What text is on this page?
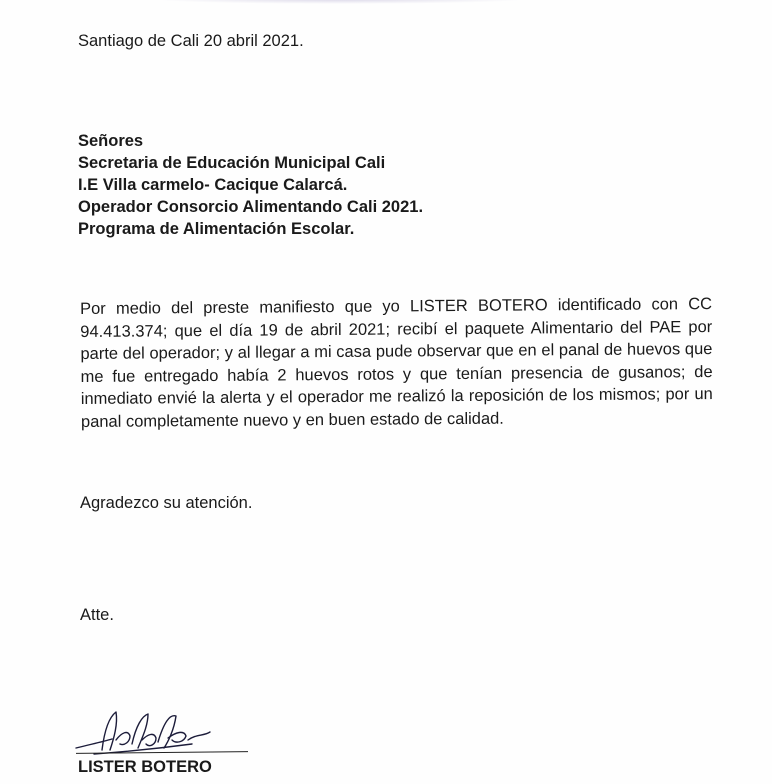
Santiago de Cali 20 abril 2021.
Señores
Secretaria de Educación Municipal Cali
I.E Villa carmelo- Cacique Calarcá.
Operador Consorcio Alimentando Cali 2021.
Programa de Alimentación Escolar.
Por medio del preste manifiesto que yo LISTER BOTERO identificado con CC 94.413.374; que el día 19 de abril 2021; recibí el paquete Alimentario del PAE por parte del operador; y al llegar a mi casa pude observar que en el panal de huevos que me fue entregado había 2 huevos rotos y que tenían presencia de gusanos; de inmediato envié la alerta y el operador me realizó la reposición de los mismos; por un panal completamente nuevo y en buen estado de calidad.
Agradezco su atención.
Atte.
LISTER BOTERO
